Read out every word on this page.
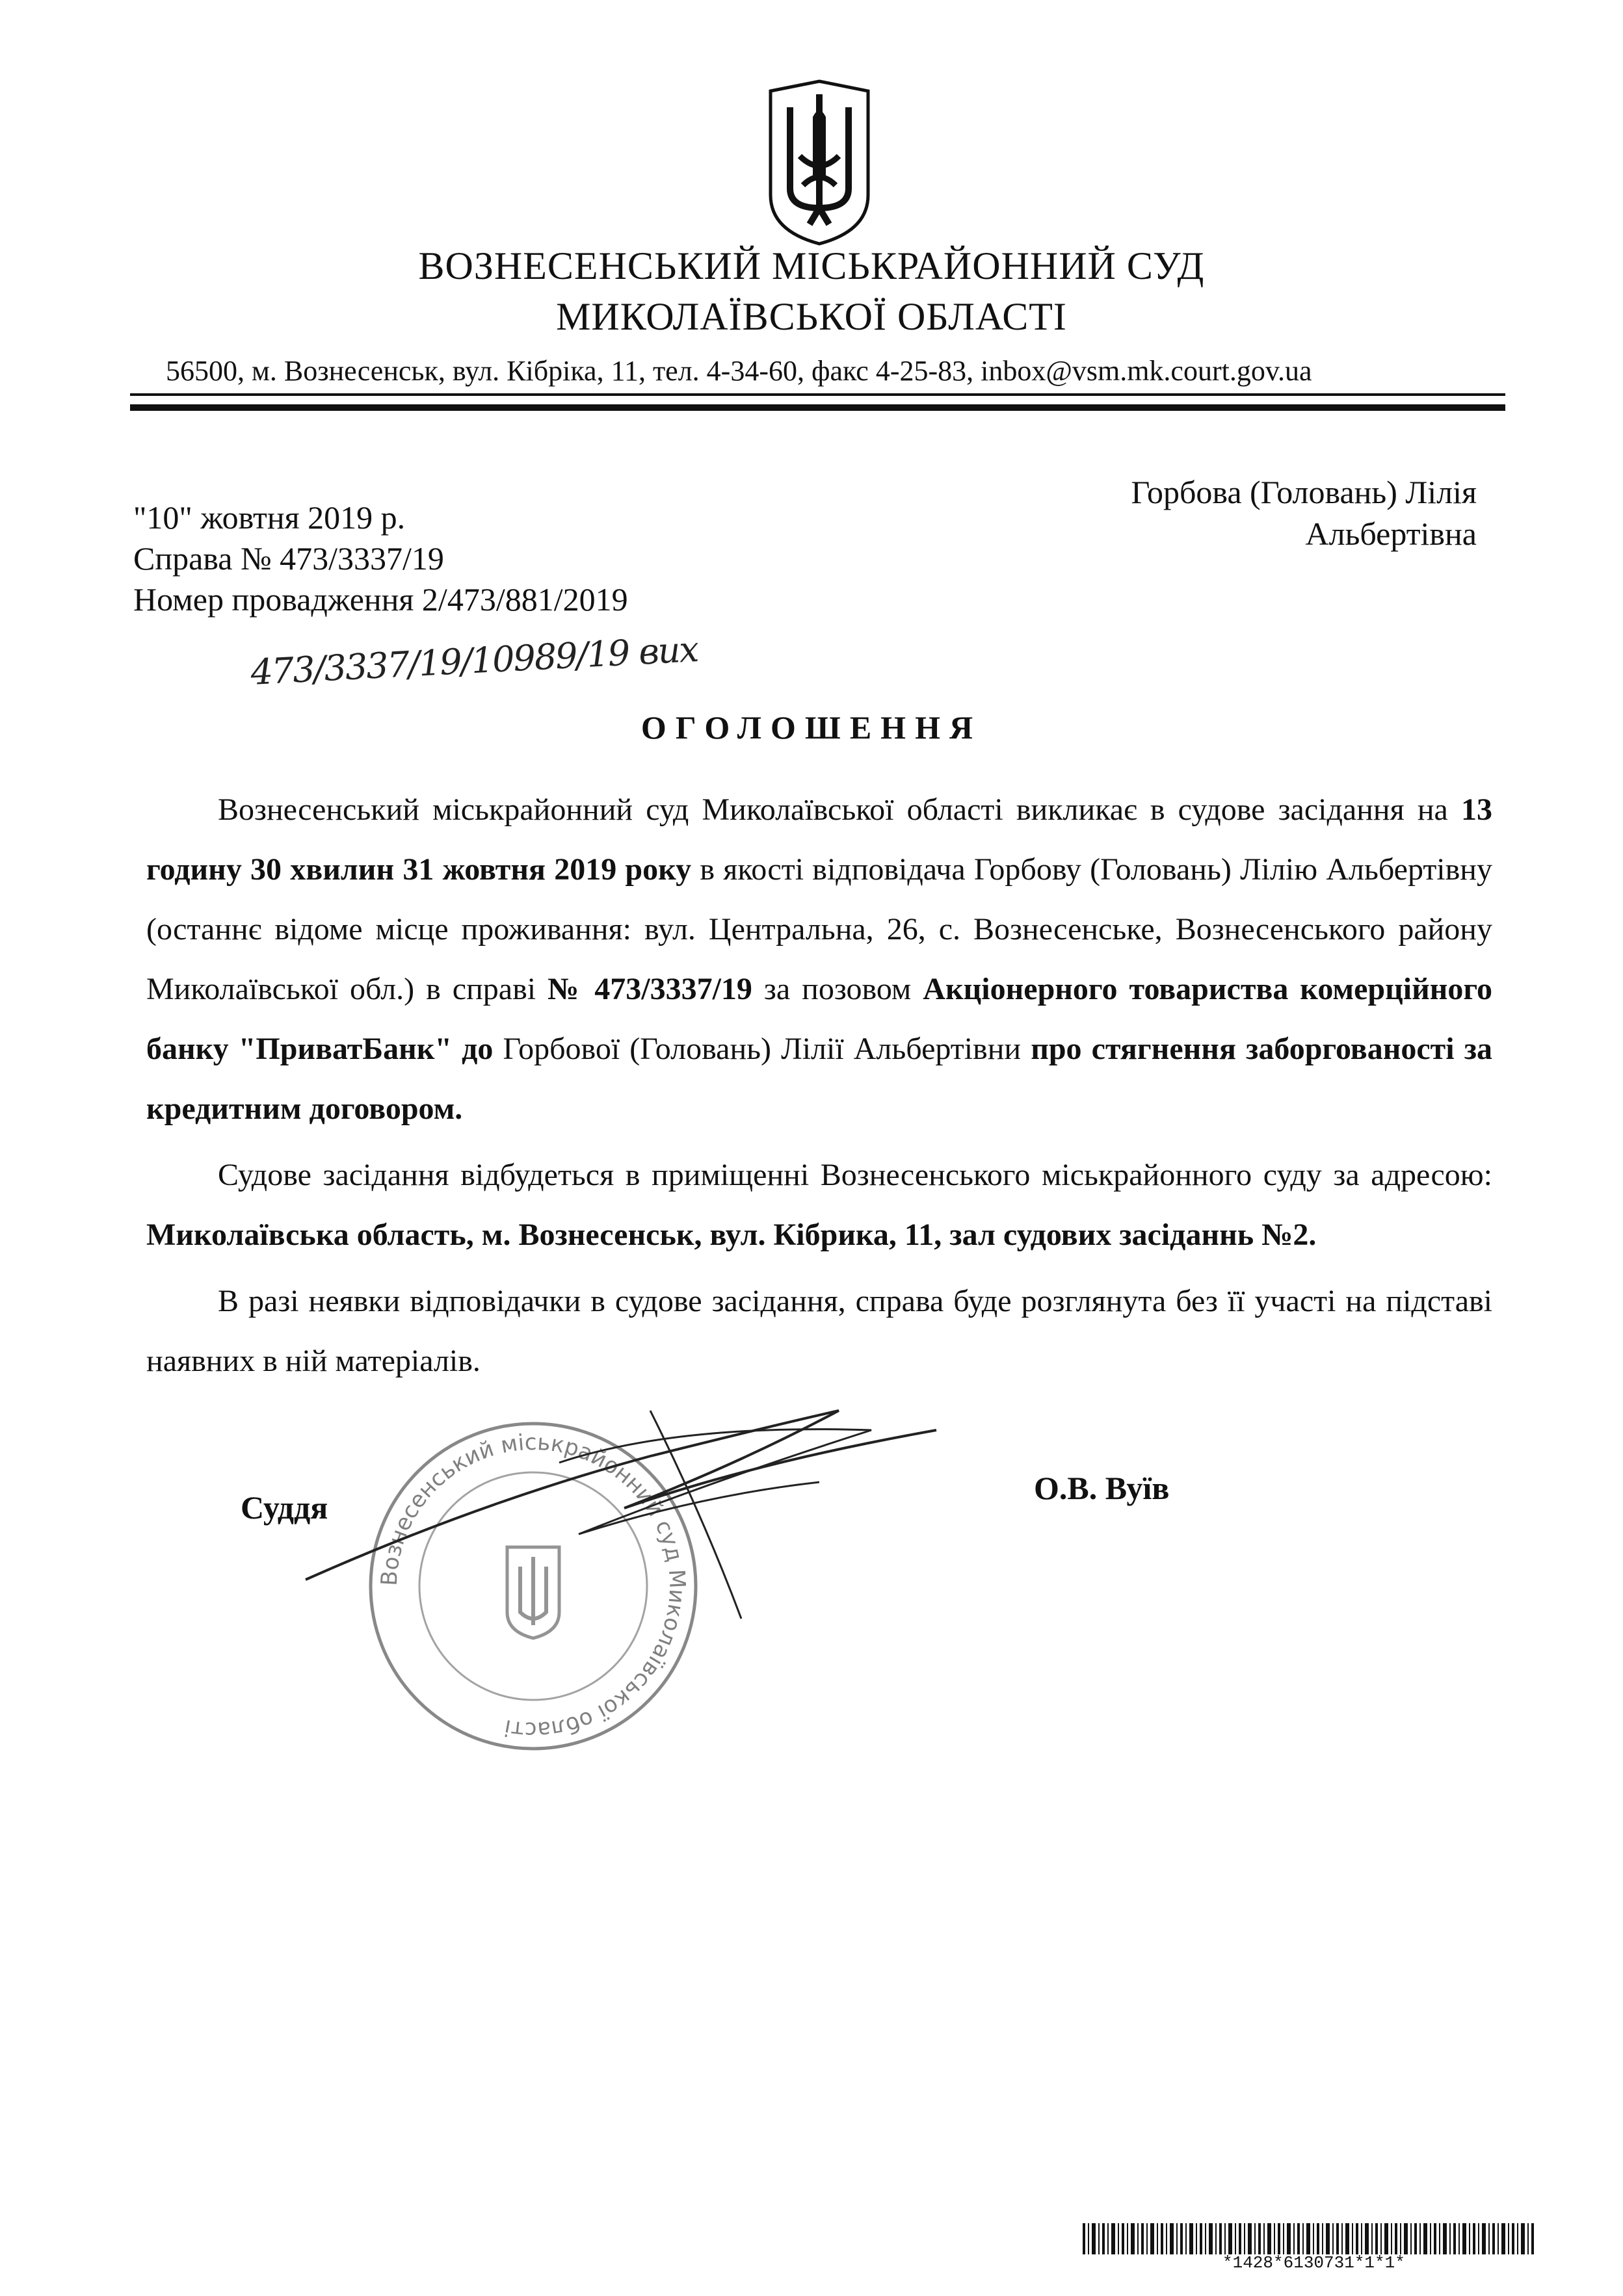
ВОЗНЕСЕНСЬКИЙ МІСЬКРАЙОННИЙ СУД
МИКОЛАЇВСЬКОЇ ОБЛАСТІ
56500, м. Вознесенськ, вул. Кібріка, 11, тел. 4-34-60, факс 4-25-83, inbox@vsm.mk.court.gov.ua
"10" жовтня 2019 р.
Справа № 473/3337/19
Номер провадження 2/473/881/2019
473/3337/19/10989/19 вих
Горбова (Головань) Лілія
Альбертівна
ОГОЛОШЕННЯ

Вознесенський міськрайонний суд Миколаївської області викликає в судове засідання на 13 годину 30 хвилин 31 жовтня 2019 року в якості відповідача Горбову (Головань) Лілію Альбертівну (останнє відоме місце проживання: вул. Центральна, 26, с. Вознесенське, Вознесенського району Миколаївської обл.) в справі № 473/3337/19 за позовом Акціонерного товариства комерційного банку "ПриватБанк" до Горбової (Головань) Лілії Альбертівни про стягнення заборгованості за кредитним договором.

Судове засідання відбудеться в приміщенні Вознесенського міськрайонного суду за адресою: Миколаївська область, м. Вознесенськ, вул. Кібрика, 11, зал судових засіданнь №2.

В разі неявки відповідачки в судове засідання, справа буде розглянута без її участі на підставі наявних в ній матеріалів.

Вознесенський міськрайонний суд Миколаївської області
Суддя
О.В. Вуїв
*1428*6130731*1*1*
